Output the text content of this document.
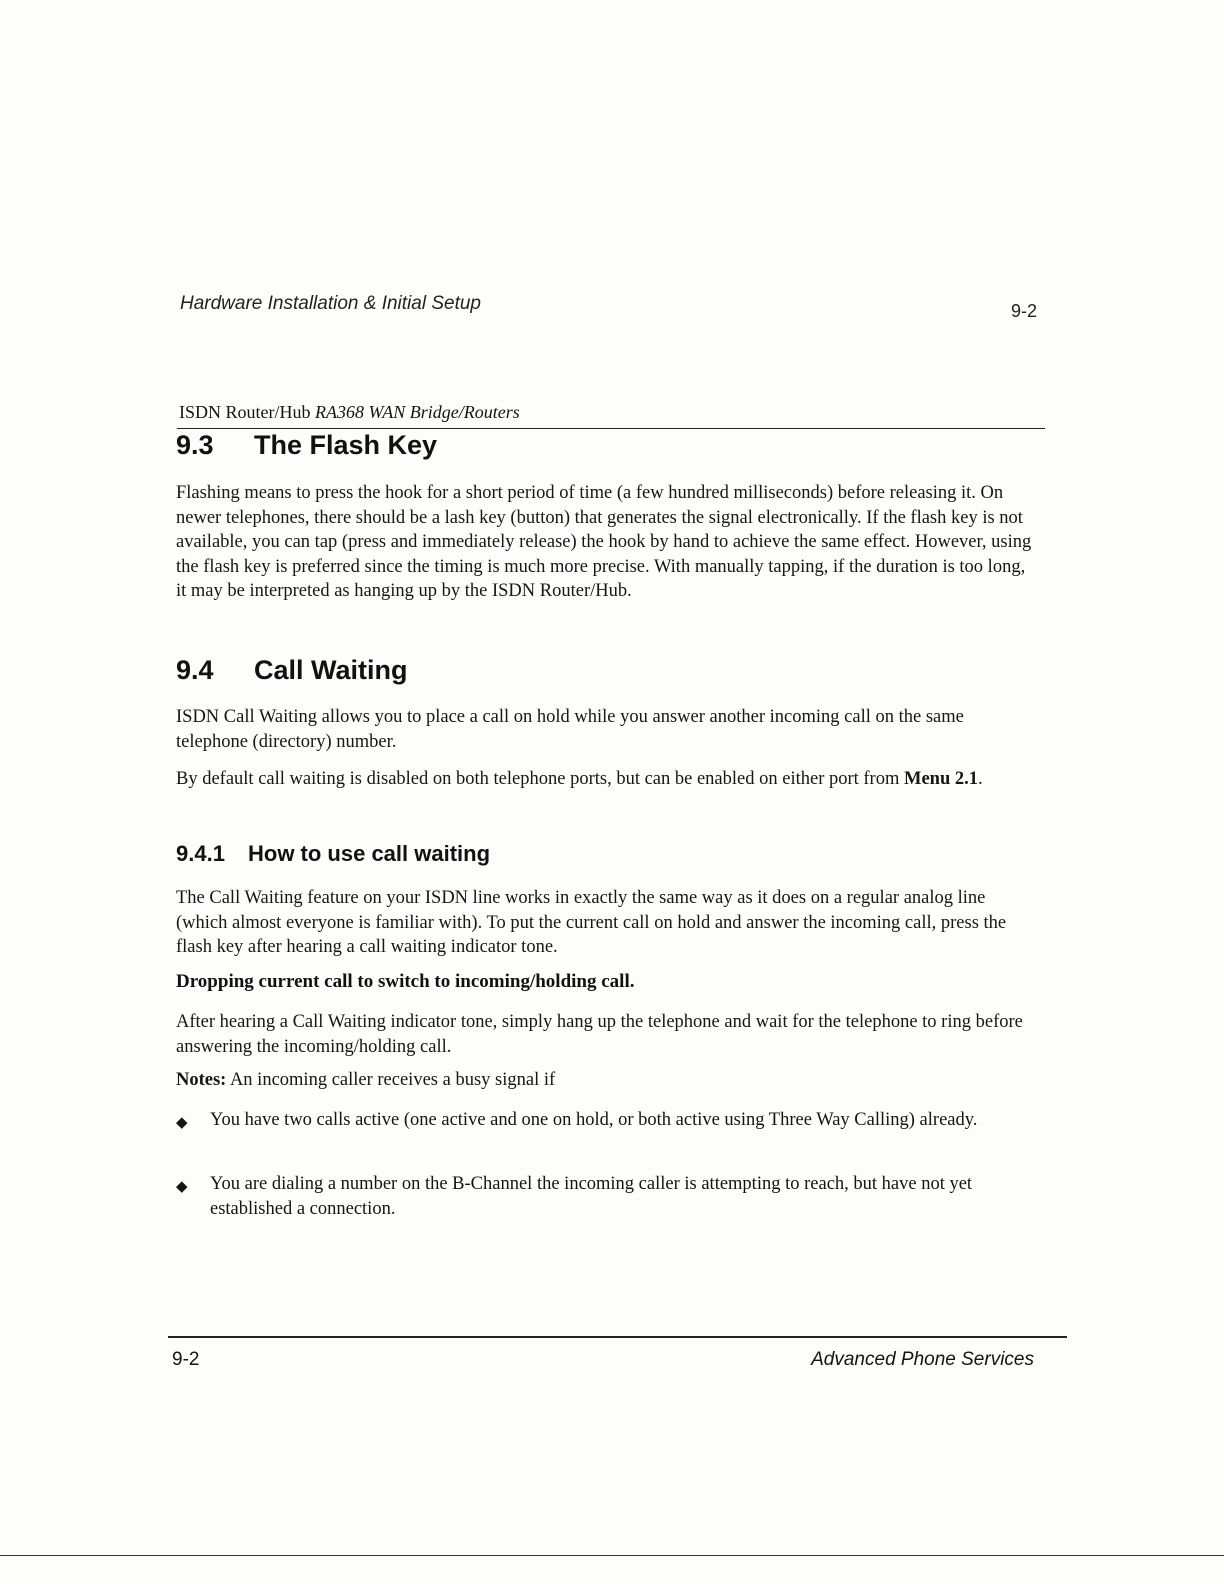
Hardware Installation & Initial Setup	9-2
ISDN Router/Hub RA368 WAN Bridge/Routers
9.3 The Flash Key
Flashing means to press the hook for a short period of time (a few hundred milliseconds) before releasing it. On newer telephones, there should be a lash key (button) that generates the signal electronically. If the flash key is not available, you can tap (press and immediately release) the hook by hand to achieve the same effect. However, using the flash key is preferred since the timing is much more precise. With manually tapping, if the duration is too long, it may be interpreted as hanging up by the ISDN Router/Hub.
9.4 Call Waiting
ISDN Call Waiting allows you to place a call on hold while you answer another incoming call on the same telephone (directory) number.
By default call waiting is disabled on both telephone ports, but can be enabled on either port from Menu 2.1.
9.4.1 How to use call waiting
The Call Waiting feature on your ISDN line works in exactly the same way as it does on a regular analog line (which almost everyone is familiar with). To put the current call on hold and answer the incoming call, press the flash key after hearing a call waiting indicator tone.
Dropping current call to switch to incoming/holding call.
After hearing a Call Waiting indicator tone, simply hang up the telephone and wait for the telephone to ring before answering the incoming/holding call.
Notes: An incoming caller receives a busy signal if
◆ You have two calls active (one active and one on hold, or both active using Three Way Calling) already.
◆ You are dialing a number on the B-Channel the incoming caller is attempting to reach, but have not yet established a connection.
9-2	Advanced Phone Services
